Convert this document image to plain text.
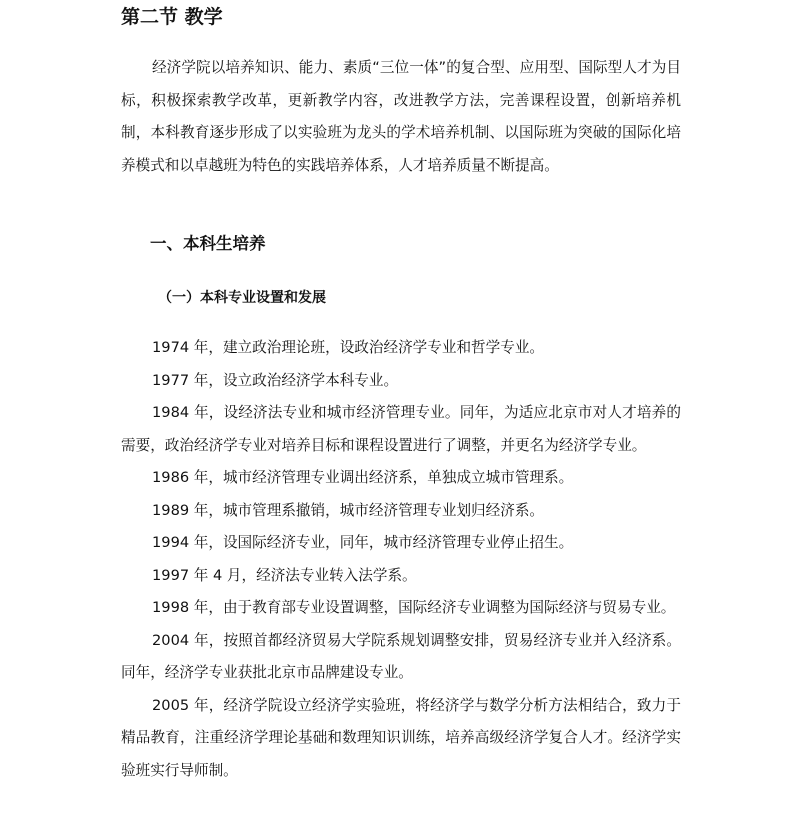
第二节 教学

经济学院以培养知识、能力、素质“三位一体”的复合型、应用型、国际型人才为目标，积极探索教学改革，更新教学内容，改进教学方法，完善课程设置，创新培养机制，本科教育逐步形成了以实验班为龙头的学术培养机制、以国际班为突破的国际化培养模式和以卓越班为特色的实践培养体系，人才培养质量不断提高。

一、本科生培养
（一）本科专业设置和发展
1974 年，建立政治理论班，设政治经济学专业和哲学专业。
1977 年，设立政治经济学本科专业。
1984 年，设经济法专业和城市经济管理专业。同年，为适应北京市对人才培养的需要，政治经济学专业对培养目标和课程设置进行了调整，并更名为经济学专业。
1986 年，城市经济管理专业调出经济系，单独成立城市管理系。
1989 年，城市管理系撤销，城市经济管理专业划归经济系。
1994 年，设国际经济专业，同年，城市经济管理专业停止招生。
1997 年 4 月，经济法专业转入法学系。
1998 年，由于教育部专业设置调整，国际经济专业调整为国际经济与贸易专业。
2004 年，按照首都经济贸易大学院系规划调整安排，贸易经济专业并入经济系。同年，经济学专业获批北京市品牌建设专业。
2005 年，经济学院设立经济学实验班，将经济学与数学分析方法相结合，致力于精品教育，注重经济学理论基础和数理知识训练，培养高级经济学复合人才。经济学实验班实行导师制。
